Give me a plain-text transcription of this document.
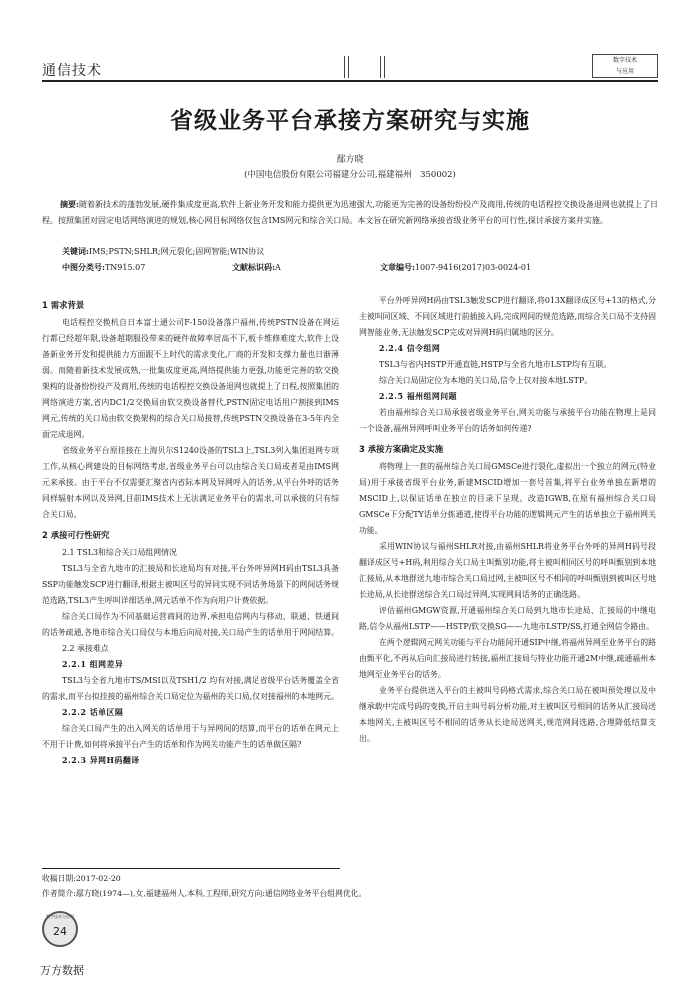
通信技术
数字技术
与应用
省级业务平台承接方案研究与实施
鄢方晓
(中国电信股份有限公司福建分公司,福建福州　350002)
摘要:随着新技术的蓬勃发展,硬件集成度更高,软件上新业务开发和能力提供更为迅速强大,功能更为完善的设备纷纷投产及商用,传统的电话程控交换设备退网也就提上了日程。按照集团对固定电话网络演进的规划,核心网目标网络仅包含IMS网元和综合关口局。本文旨在研究新网络承接省级业务平台的可行性,探讨承接方案并实施。
关键词:IMS;PSTN;SHLR;网元裂化;固网智能;WIN协议
中图分类号:TN915.07	文献标识码:A	文章编号:1007-9416(2017)03-0024-01
1 需求背景

电话程控交换机自日本富士通公司F-150设备落户福州,传统PSTN设备在网运行都已经超年限,设备超期服役带来的硬件故障率居高不下,板卡维修难度大,软件上设备新业务开发和提供能力方面跟不上时代的需求变化,厂商的开发和支撑力量也日渐薄弱。而随着新技术发展成熟,一批集成度更高,网络提供能力更强,功能更完善的软交换架构的设备纷纷投产及商用,传统的电话程控交换设备退网也就提上了日程,按照集团的网络演进方案,省内DC1/2交换局由软交换设备替代,PSTN固定电话用户割接到IMS网元,传统的关口局由软交换架构的综合关口局接替,传统PSTN交换设备在3-5年内全面完成退网。

省级业务平台原挂接在上海贝尔S1240设备的TSL3上,TSL3列入集团退网专项工作,从核心网建设的目标网络考虑,省级业务平台可以由综合关口局或者是由IMS网元来承接。由于平台不仅需要汇聚省内省际本网及异网呼入的话务,从平台外呼的话务同样辐射本网以及异网,目前IMS技术上无法满足业务平台的需求,可以承接的只有综合关口局。

2 承接可行性研究
2.1 TSL3和综合关口局组网情况

TSL3与全省九地市的汇接局和长途局均有对接,平台外呼异网H码由TSL3具备SSP功能触发SCP进行翻译,根据主被叫区号的异同实现不同话务场景下的网间话务规范选路,TSL3产生呼叫详细话单,网元话单不作为向用户计费依据。

综合关口局作为不同基础运营商间的边界,承担电信网内与移动、联通、铁通间的话务疏通,各地市综合关口局仅与本地后向局对接,关口局产生的话单用于网间结算。

2.2 承接难点
2.2.1 组网差异

TSL3与全省九地市TS/MSI以及TSH1/2 均有对接,满足省级平台话务覆盖全省的需求,而平台拟挂接的福州综合关口局定位为福州的关口局,仅对接福州的本地网元。

2.2.2 话单区隔

综合关口局产生的出入网关的话单用于与异网间的结算,而平台的话单在网元上不用于计费,如何将承接平台产生的话单和作为网关功能产生的话单做区隔?

2.2.3 异网H码翻译

平台外呼异网H码由TSL3触发SCP进行翻译,将013X翻译成区号+13的格式,分主被叫同区域、不同区域进行前插接入码,完成网间的规范选路,而综合关口局不支持固网智能业务,无法触发SCP完成对异网H码归属地的区分。

2.2.4 信令组网

TSL3与省内HSTP开通直链,HSTP与全省九地市LSTP均有互联。

综合关口局固定位为本地的关口局,信令上仅对接本地LSTP。

2.2.5 福州组网问题

若由福州综合关口局承接省级业务平台,网关功能与承接平台功能在物理上是同一个设备,福州异网呼叫业务平台的话务如何传递?

3 承接方案确定及实施

将物理上一套的福州综合关口局GMSCe进行裂化,虚拟出一个独立的网元(特业局)用于承接省级平台业务,新建MSCID增加一套号首集,将平台业务单独在新增的MSCID上,以保证话单在独立的目录下呈现。改造IGWB,在原有福州综合关口局GMSCe下分配TY话单分拣通道,使得平台功能的逻辑网元产生的话单独立于福州网关功能。

采用WIN协议与福州SHLR对接,由福州SHLR将业务平台外呼的异网H码号段翻译成区号+H码,利用综合关口局主叫甄别功能,将主被叫相同区号的呼叫甄别到本地汇接局,从本地群送九地市综合关口局过网,主被叫区号不相同的呼叫甄别到被叫区号地长途局,从长途群送综合关口局过异网,实现网间话务的正确选路。

评估福州GMGW资源,开通福州综合关口局到九地市长途局、汇接局的中继电路,信令从福州LSTP——HSTP/软交换SG——九地市LSTP/SS,打通全网信令路由。

在两个逻辑网元网关功能与平台功能间开通SIP中继,将福州异网至业务平台的路由甄平化,不再从后向汇接局进行转接,福州汇接局与特业功能开通2M中继,疏通福州本地网至业务平台的话务。

业务平台提供送入平台的主被叫号码格式需求,综合关口局在被叫预处理以及中继承载中完成号码的变换,开启主叫号码分析功能,对主被叫区号相同的话务从汇接局送本地网关,主被叫区号不相同的话务从长途局送网关,规范网间选路,合理降低结算支出。

收稿日期:2017-02-20
作者简介:鄢方晓(1974—),女,福建福州人,本科,工程师,研究方向:通信网络业务平台组网优化。
数字技术与应用
24
万方数据
